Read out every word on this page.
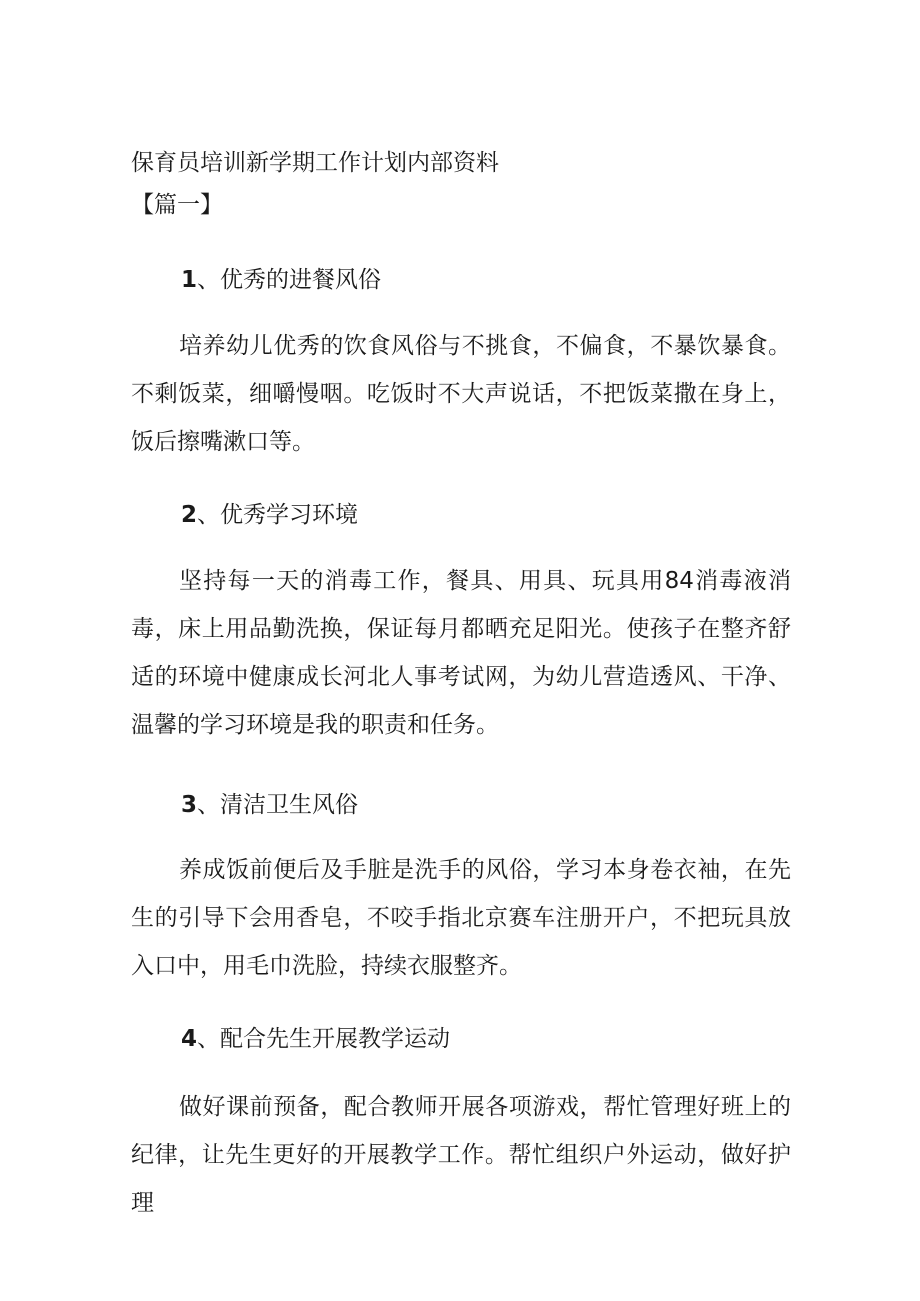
保育员培训新学期工作计划内部资料
【篇一】
1、优秀的进餐风俗
培养幼儿优秀的饮食风俗与不挑食，不偏食，不暴饮暴食。不剩饭菜，细嚼慢咽。吃饭时不大声说话，不把饭菜撒在身上，饭后擦嘴漱口等。
2、优秀学习环境
坚持每一天的消毒工作，餐具、用具、玩具用84消毒液消毒，床上用品勤洗换，保证每月都晒充足阳光。使孩子在整齐舒适的环境中健康成长河北人事考试网，为幼儿营造透风、干净、温馨的学习环境是我的职责和任务。
3、清洁卫生风俗
养成饭前便后及手脏是洗手的风俗，学习本身卷衣袖，在先生的引导下会用香皂，不咬手指北京赛车注册开户，不把玩具放入口中，用毛巾洗脸，持续衣服整齐。
4、配合先生开展教学运动
做好课前预备，配合教师开展各项游戏，帮忙管理好班上的纪律，让先生更好的开展教学工作。帮忙组织户外运动，做好护理
